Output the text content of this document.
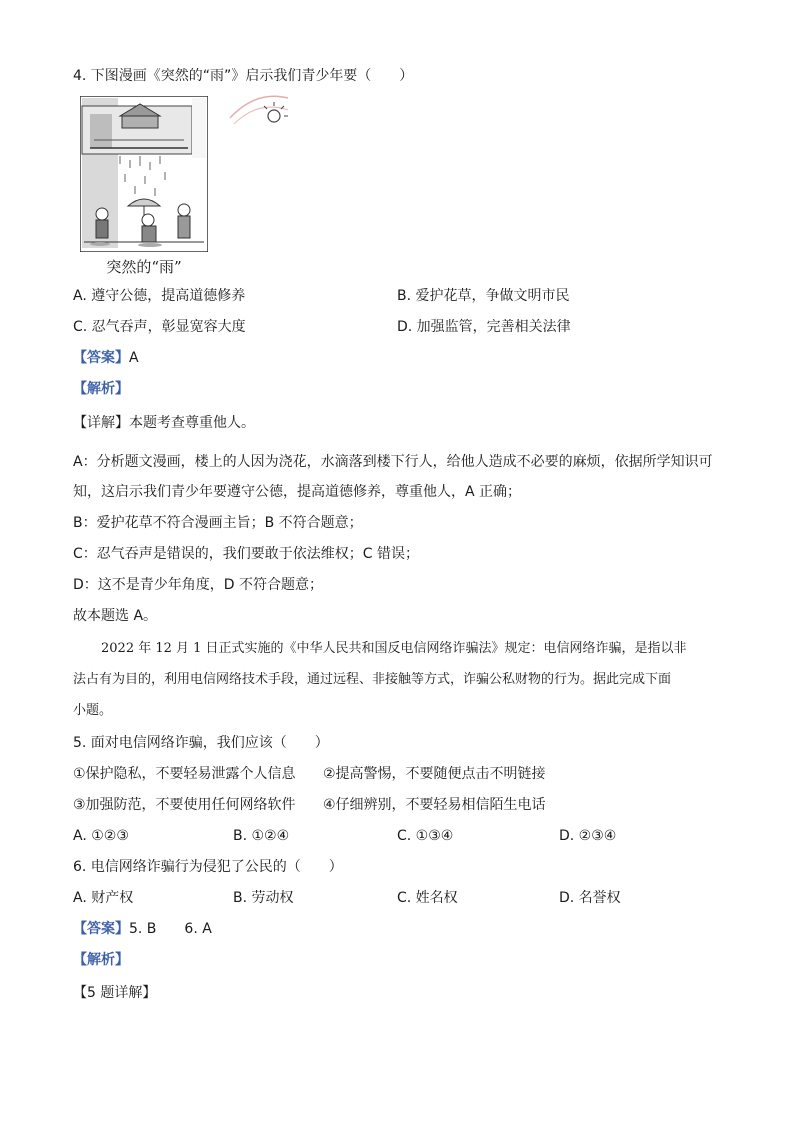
4. 下图漫画《突然的“雨”》启示我们青少年要（　　）
突然的“雨”
A. 遵守公德，提高道德修养	B. 爱护花草，争做文明市民
C. 忍气吞声，彰显宽容大度	D. 加强监管，完善相关法律
【答案】A
【解析】
【详解】本题考查尊重他人。
A：分析题文漫画，楼上的人因为浇花，水滴落到楼下行人，给他人造成不必要的麻烦，依据所学知识可
知，这启示我们青少年要遵守公德，提高道德修养，尊重他人，A 正确；
B：爱护花草不符合漫画主旨；B 不符合题意；
C：忍气吞声是错误的，我们要敢于依法维权；C 错误；
D：这不是青少年角度，D 不符合题意；
故本题选 A。
2022 年 12 月 1 日正式实施的《中华人民共和国反电信网络诈骗法》规定：电信网络诈骗，是指以非
法占有为目的，利用电信网络技术手段，通过远程、非接触等方式，诈骗公私财物的行为。据此完成下面
小题。
5. 面对电信网络诈骗，我们应该（　　）
①保护隐私，不要轻易泄露个人信息 ②提高警惕，不要随便点击不明链接
③加强防范，不要使用任何网络软件 ④仔细辨别，不要轻易相信陌生电话
A. ①②③	B. ①②④	C. ①③④	D. ②③④
6. 电信网络诈骗行为侵犯了公民的（　　）
A. 财产权	B. 劳动权	C. 姓名权	D. 名誉权
【答案】5. B　　6. A
【解析】
【5 题详解】
